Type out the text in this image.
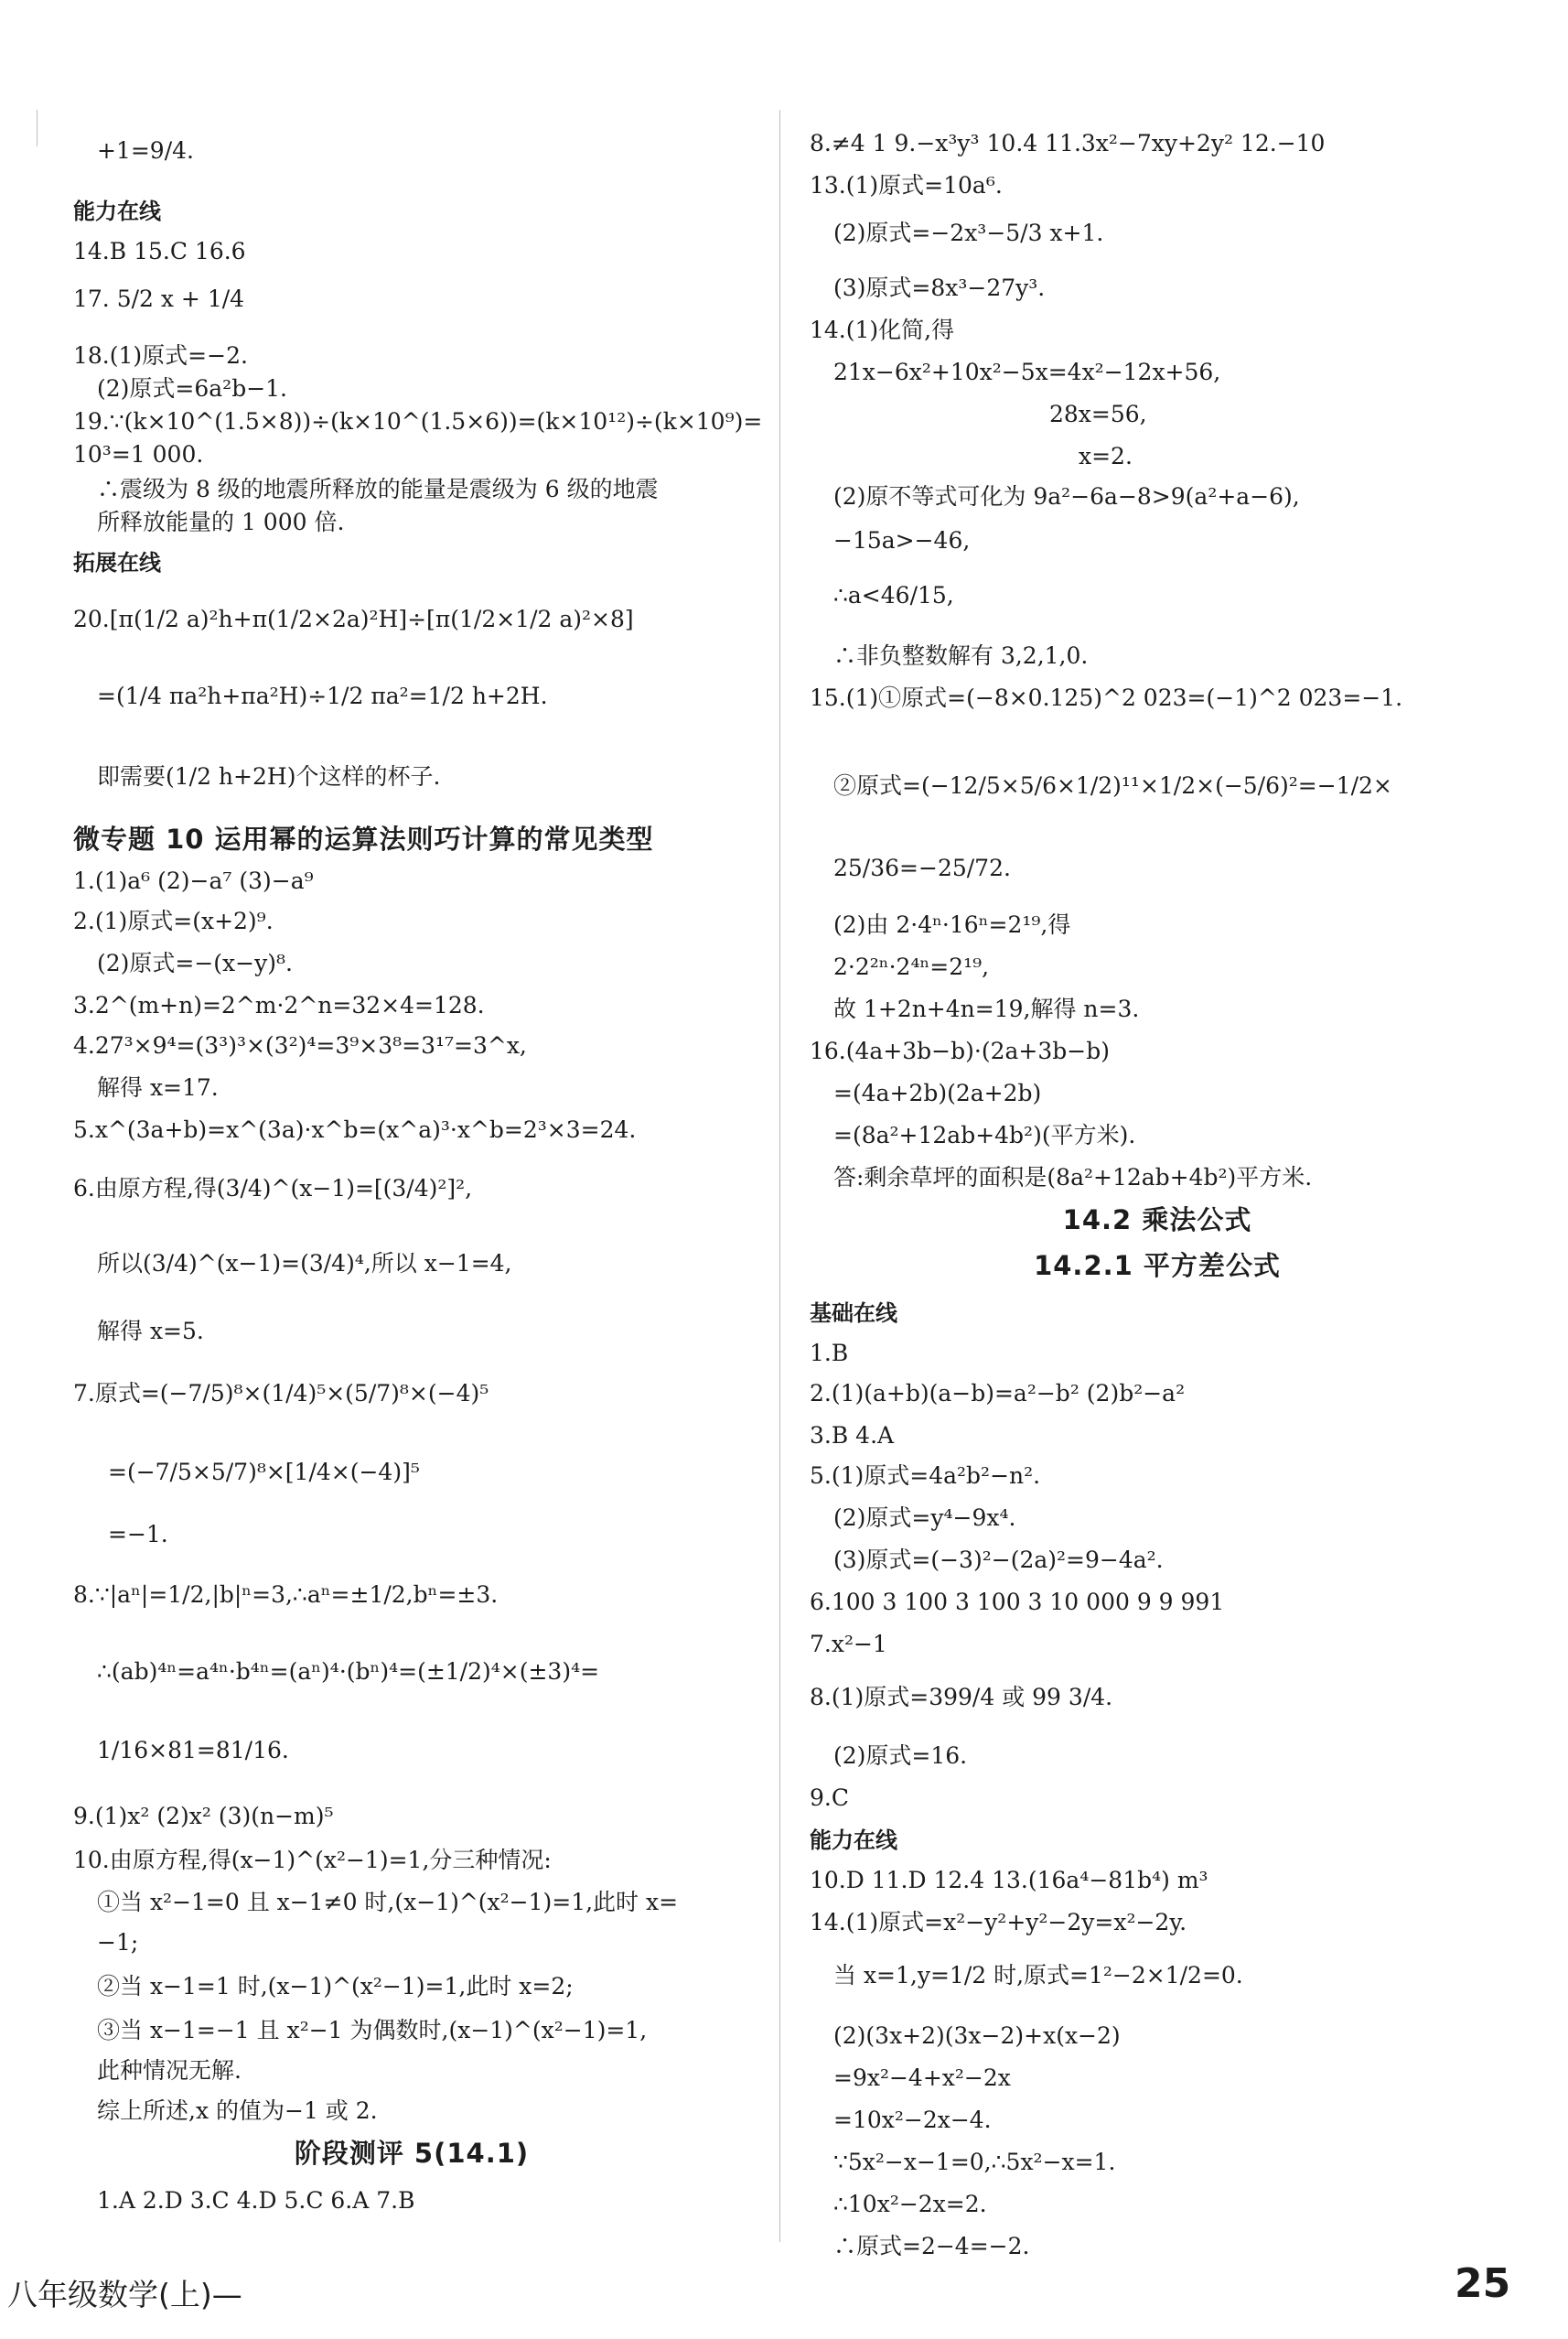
+1=9/4.
能力在线
14.B 15.C 16.6
17. 5/2 x + 1/4
18.(1)原式=−2.
(2)原式=6a²b−1.
19.∵(k×10^(1.5×8))÷(k×10^(1.5×6))=(k×10¹²)÷(k×10⁹)=
10³=1 000.
∴震级为 8 级的地震所释放的能量是震级为 6 级的地震
所释放能量的 1 000 倍.
拓展在线
20.[π(1/2 a)²h+π(1/2×2a)²H]÷[π(1/2×1/2 a)²×8]
=(1/4 πa²h+πa²H)÷1/2 πa²=1/2 h+2H.
即需要(1/2 h+2H)个这样的杯子.
微专题 10 运用幂的运算法则巧计算的常见类型
1.(1)a⁶ (2)−a⁷ (3)−a⁹
2.(1)原式=(x+2)⁹.
(2)原式=−(x−y)⁸.
3.2^(m+n)=2^m·2^n=32×4=128.
4.27³×9⁴=(3³)³×(3²)⁴=3⁹×3⁸=3¹⁷=3^x,
解得 x=17.
5.x^(3a+b)=x^(3a)·x^b=(x^a)³·x^b=2³×3=24.
6.由原方程,得(3/4)^(x−1)=[(3/4)²]²,
所以(3/4)^(x−1)=(3/4)⁴,所以 x−1=4,
解得 x=5.
7.原式=(−7/5)⁸×(1/4)⁵×(5/7)⁸×(−4)⁵
=(−7/5×5/7)⁸×[1/4×(−4)]⁵
=−1.
8.∵|aⁿ|=1/2,|b|ⁿ=3,∴aⁿ=±1/2,bⁿ=±3.
∴(ab)⁴ⁿ=a⁴ⁿ·b⁴ⁿ=(aⁿ)⁴·(bⁿ)⁴=(±1/2)⁴×(±3)⁴=
1/16×81=81/16.
9.(1)x² (2)x² (3)(n−m)⁵
10.由原方程,得(x−1)^(x²−1)=1,分三种情况:
①当 x²−1=0 且 x−1≠0 时,(x−1)^(x²−1)=1,此时 x=
−1;
②当 x−1=1 时,(x−1)^(x²−1)=1,此时 x=2;
③当 x−1=−1 且 x²−1 为偶数时,(x−1)^(x²−1)=1,
此种情况无解.
综上所述,x 的值为−1 或 2.
阶段测评 5(14.1)
1.A 2.D 3.C 4.D 5.C 6.A 7.B
8.≠4 1 9.−x³y³ 10.4 11.3x²−7xy+2y² 12.−10
13.(1)原式=10a⁶.
(2)原式=−2x³−5/3 x+1.
(3)原式=8x³−27y³.
14.(1)化简,得
21x−6x²+10x²−5x=4x²−12x+56,
28x=56,
x=2.
(2)原不等式可化为 9a²−6a−8>9(a²+a−6),
−15a>−46,
∴a<46/15,
∴非负整数解有 3,2,1,0.
15.(1)①原式=(−8×0.125)^2 023=(−1)^2 023=−1.
②原式=(−12/5×5/6×1/2)¹¹×1/2×(−5/6)²=−1/2×
25/36=−25/72.
(2)由 2·4ⁿ·16ⁿ=2¹⁹,得
2·2²ⁿ·2⁴ⁿ=2¹⁹,
故 1+2n+4n=19,解得 n=3.
16.(4a+3b−b)·(2a+3b−b)
=(4a+2b)(2a+2b)
=(8a²+12ab+4b²)(平方米).
答:剩余草坪的面积是(8a²+12ab+4b²)平方米.
14.2 乘法公式
14.2.1 平方差公式
基础在线
1.B
2.(1)(a+b)(a−b)=a²−b² (2)b²−a²
3.B 4.A
5.(1)原式=4a²b²−n².
(2)原式=y⁴−9x⁴.
(3)原式=(−3)²−(2a)²=9−4a².
6.100 3 100 3 100 3 10 000 9 9 991
7.x²−1
8.(1)原式=399/4 或 99 3/4.
(2)原式=16.
9.C
能力在线
10.D 11.D 12.4 13.(16a⁴−81b⁴) m³
14.(1)原式=x²−y²+y²−2y=x²−2y.
当 x=1,y=1/2 时,原式=1²−2×1/2=0.
(2)(3x+2)(3x−2)+x(x−2)
=9x²−4+x²−2x
=10x²−2x−4.
∵5x²−x−1=0,∴5x²−x=1.
∴10x²−2x=2.
∴原式=2−4=−2.
八年级数学(上)—	25
